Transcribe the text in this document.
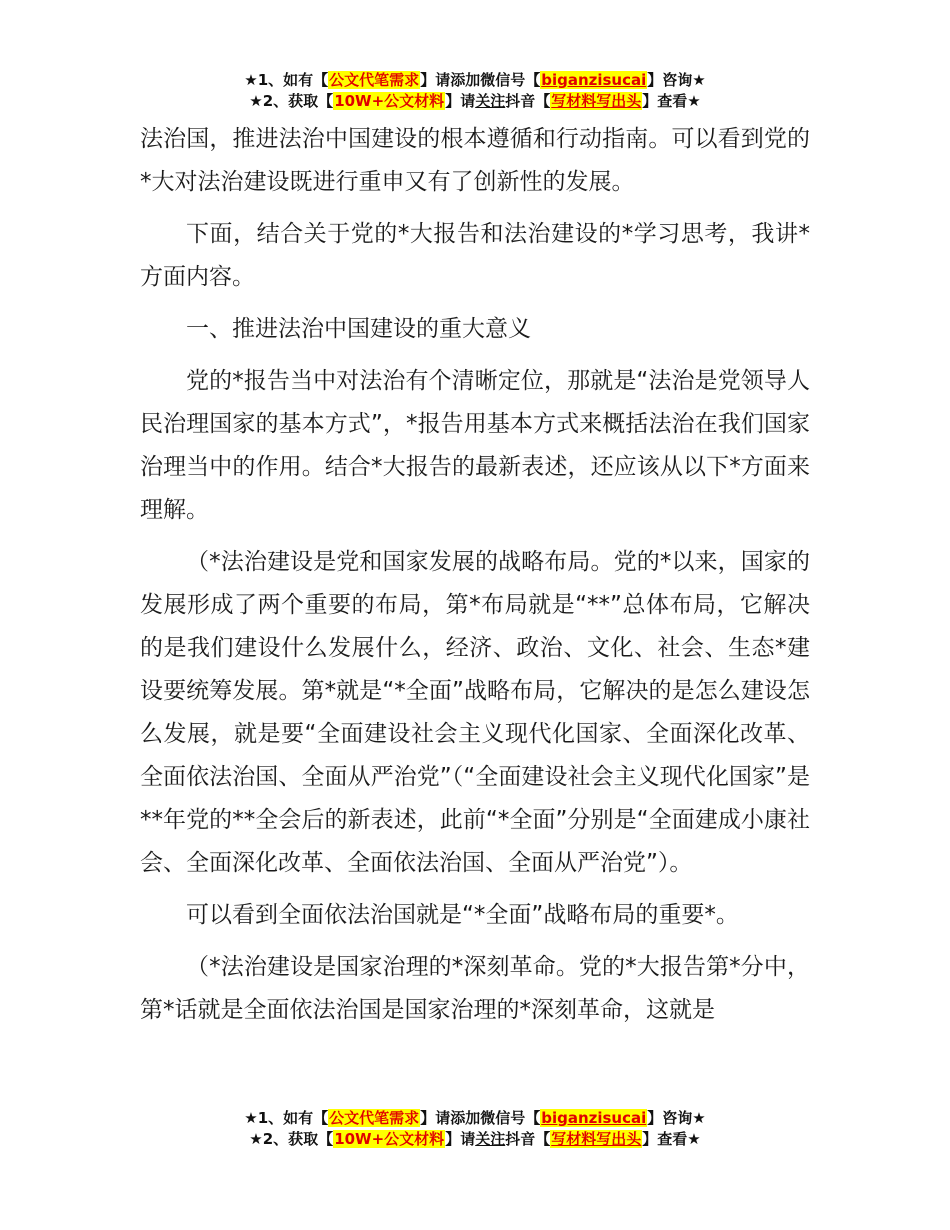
★1、如有【公文代笔需求】请添加微信号【biganzisucai】咨询★
★2、获取【10W+公文材料】请关注抖音【写材料写出头】查看★

法治国，推进法治中国建设的根本遵循和行动指南。可以看到党的*大对法治建设既进行重申又有了创新性的发展。

下面，结合关于党的*大报告和法治建设的*学习思考，我讲*方面内容。

一、推进法治中国建设的重大意义

党的*报告当中对法治有个清晰定位，那就是“法治是党领导人民治理国家的基本方式”，*报告用基本方式来概括法治在我们国家治理当中的作用。结合*大报告的最新表述，还应该从以下*方面来理解。

（*法治建设是党和国家发展的战略布局。党的*以来，国家的发展形成了两个重要的布局，第*布局就是“**”总体布局，它解决的是我们建设什么发展什么，经济、政治、文化、社会、生态*建设要统筹发展。第*就是“*全面”战略布局，它解决的是怎么建设怎么发展，就是要“全面建设社会主义现代化国家、全面深化改革、全面依法治国、全面从严治党”（“全面建设社会主义现代化国家”是**年党的**全会后的新表述，此前“*全面”分别是“全面建成小康社会、全面深化改革、全面依法治国、全面从严治党”）。

可以看到全面依法治国就是“*全面”战略布局的重要*。

（*法治建设是国家治理的*深刻革命。党的*大报告第*分中，第*话就是全面依法治国是国家治理的*深刻革命，这就是

★1、如有【公文代笔需求】请添加微信号【biganzisucai】咨询★
★2、获取【10W+公文材料】请关注抖音【写材料写出头】查看★
